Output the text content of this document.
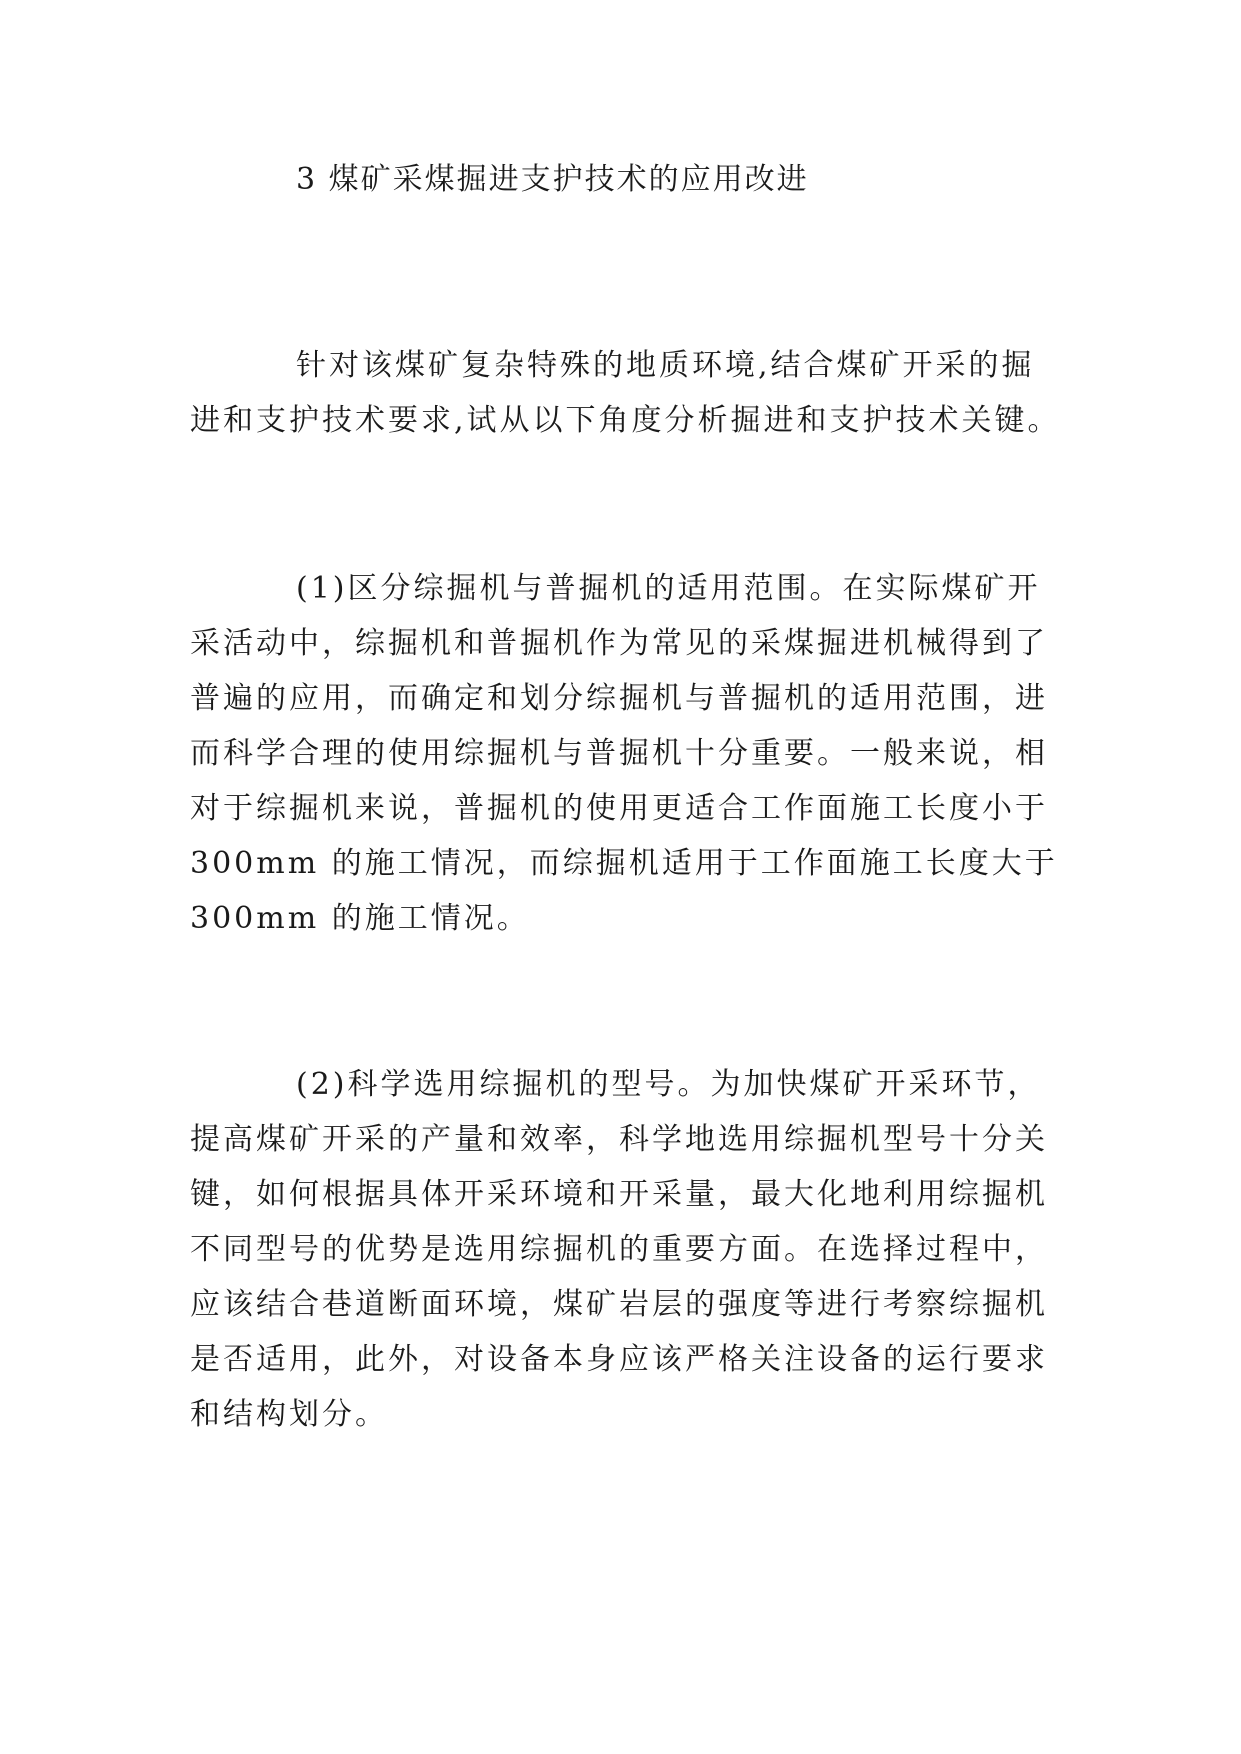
3 煤矿采煤掘进支护技术的应用改进
针对该煤矿复杂特殊的地质环境,结合煤矿开采的掘
进和支护技术要求,试从以下角度分析掘进和支护技术关键。
(1)区分综掘机与普掘机的适用范围。在实际煤矿开
采活动中，综掘机和普掘机作为常见的采煤掘进机械得到了
普遍的应用，而确定和划分综掘机与普掘机的适用范围，进
而科学合理的使用综掘机与普掘机十分重要。一般来说，相
对于综掘机来说，普掘机的使用更适合工作面施工长度小于
300mm 的施工情况，而综掘机适用于工作面施工长度大于
300mm 的施工情况。
(2)科学选用综掘机的型号。为加快煤矿开采环节，
提高煤矿开采的产量和效率，科学地选用综掘机型号十分关
键，如何根据具体开采环境和开采量，最大化地利用综掘机
不同型号的优势是选用综掘机的重要方面。在选择过程中，
应该结合巷道断面环境，煤矿岩层的强度等进行考察综掘机
是否适用，此外，对设备本身应该严格关注设备的运行要求
和结构划分。
